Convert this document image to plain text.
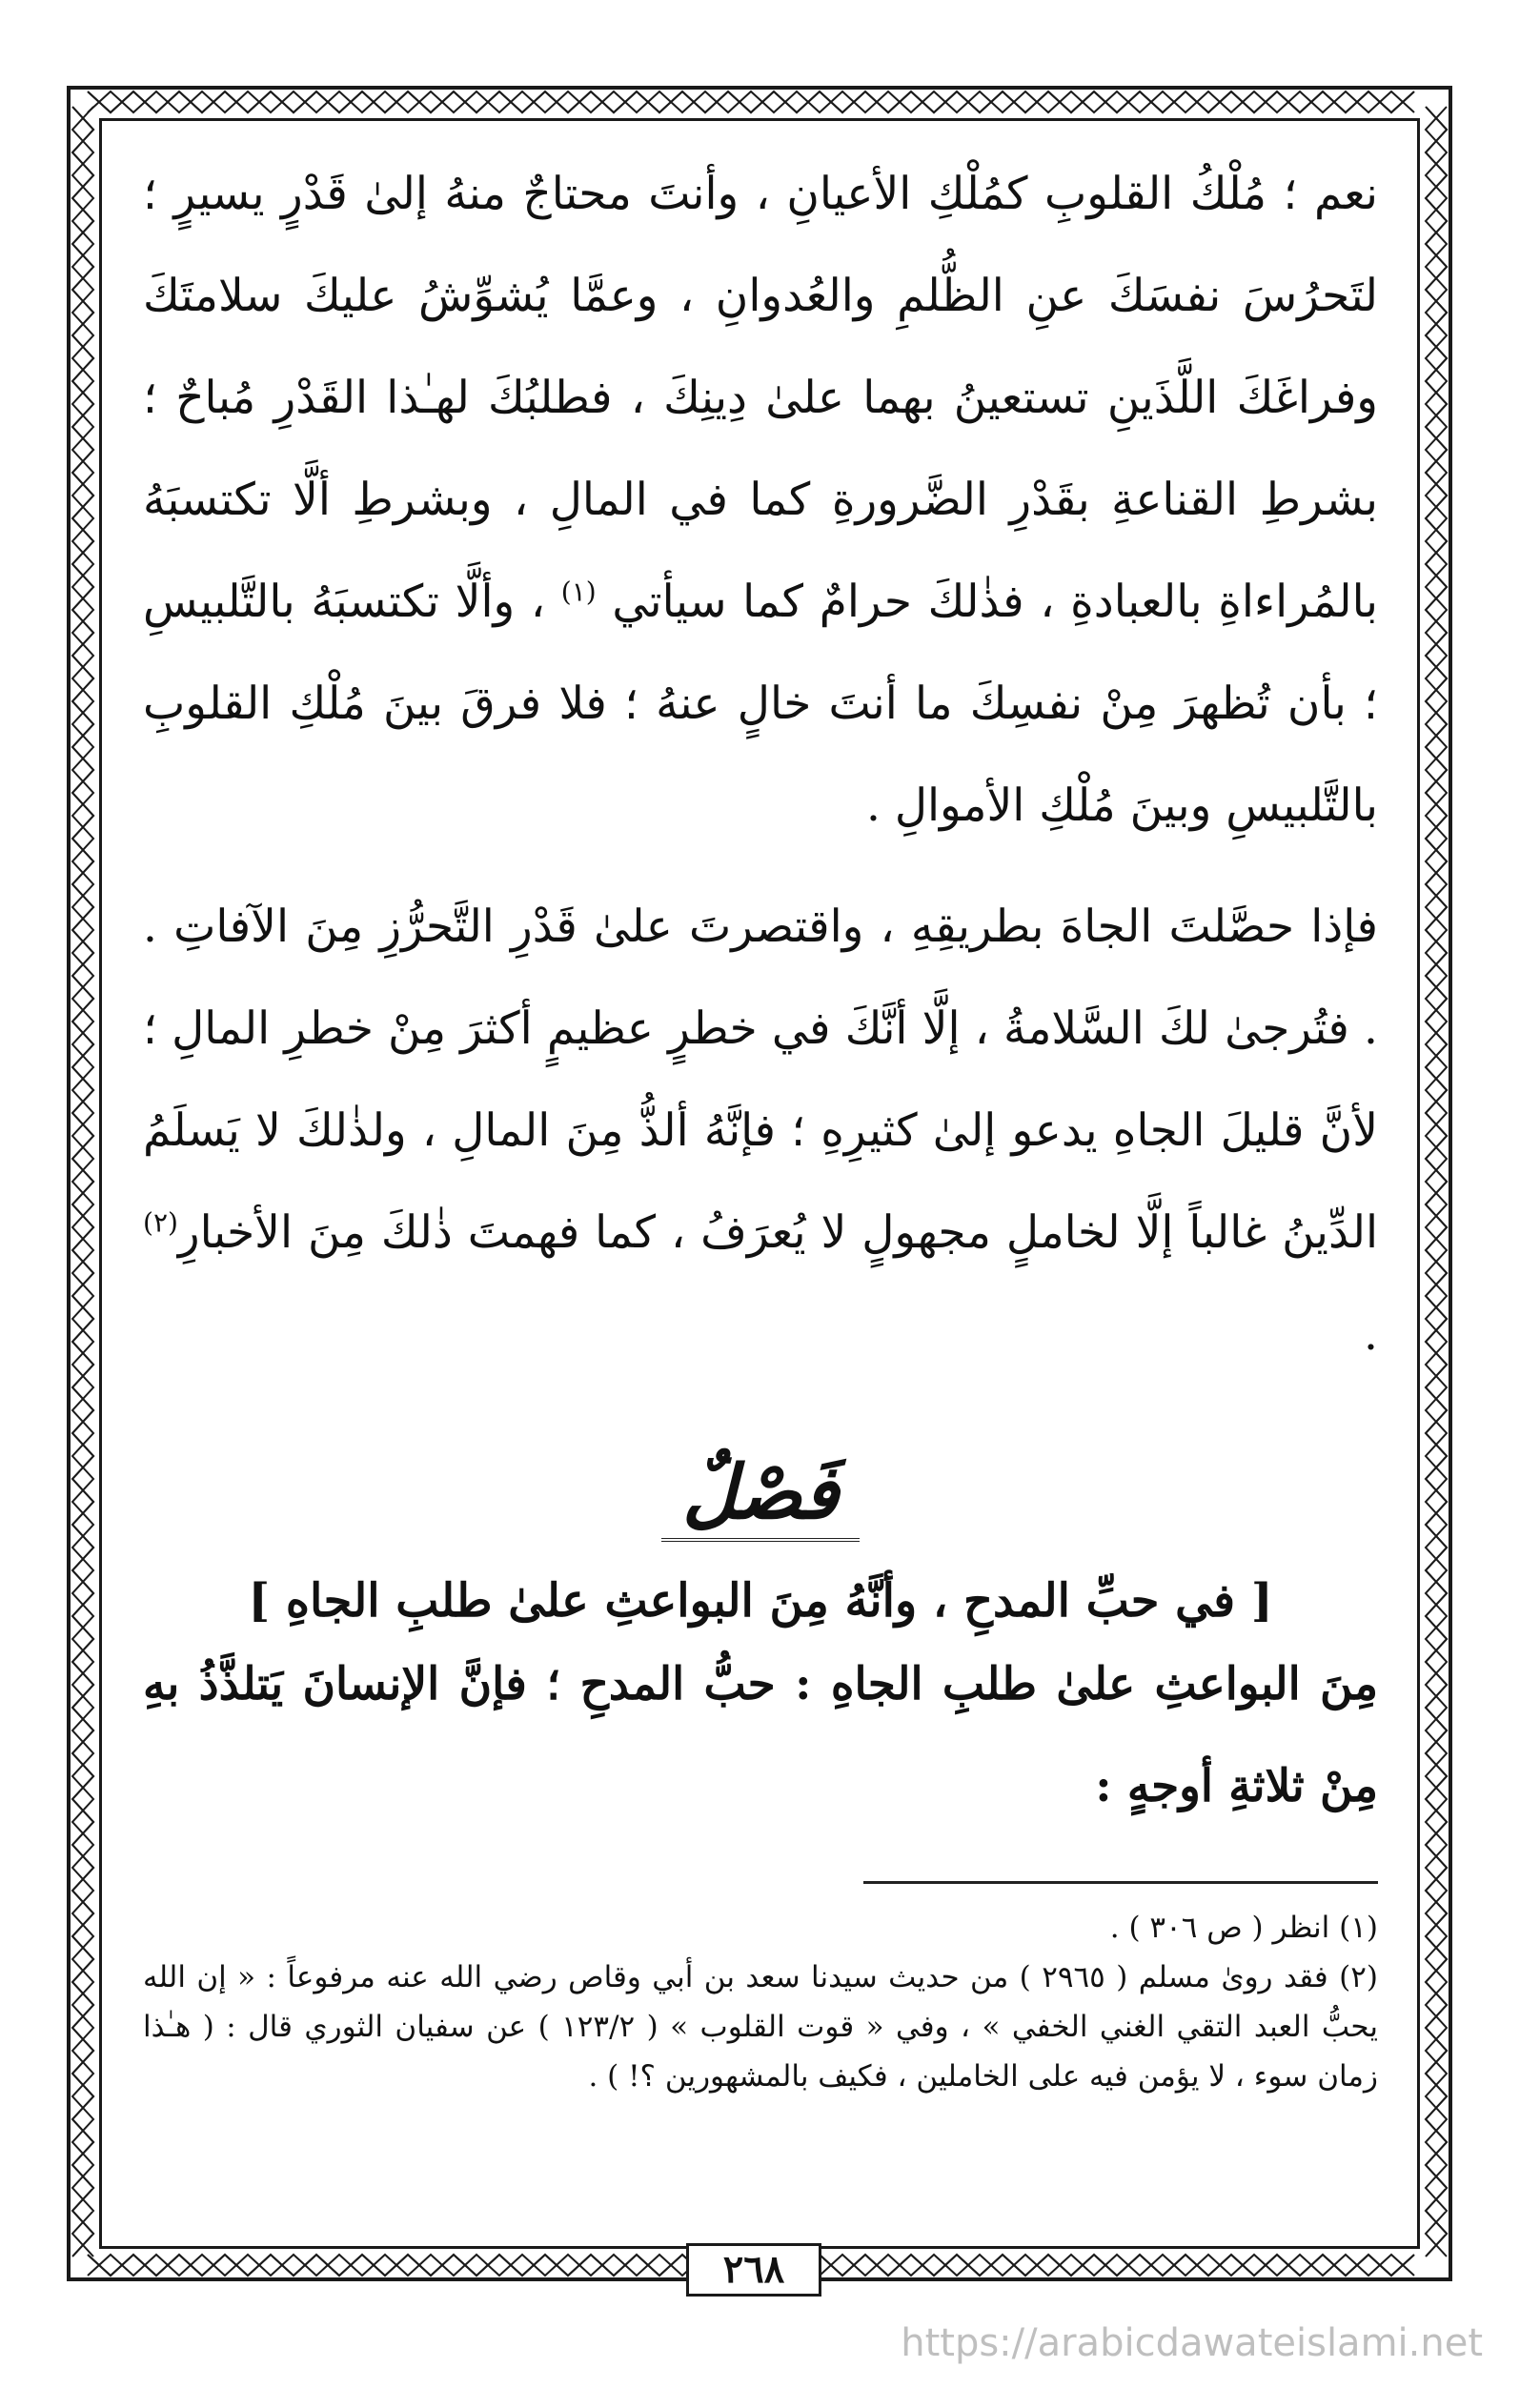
نعم ؛ مُلْكُ القلوبِ كمُلْكِ الأعيانِ ، وأنتَ محتاجٌ منهُ إلىٰ قَدْرٍ يسيرٍ ؛ لتَحرُسَ نفسَكَ عنِ الظُّلمِ والعُدوانِ ، وعمَّا يُشوِّشُ عليكَ سلامتَكَ وفراغَكَ اللَّذَينِ تستعينُ بهما علىٰ دِينِكَ ، فطلبُكَ لهـٰذا القَدْرِ مُباحٌ ؛ بشرطِ القناعةِ بقَدْرِ الضَّرورةِ كما في المالِ ، وبشرطِ ألَّا تكتسبَهُ بالمُراءاةِ بالعبادةِ ، فذٰلكَ حرامٌ كما سيأتي $^{(١)}$ ، وألَّا تكتسبَهُ بالتَّلبيسِ ؛ بأن تُظهرَ مِنْ نفسِكَ ما أنتَ خالٍ عنهُ ؛ فلا فرقَ بينَ مُلْكِ القلوبِ بالتَّلبيسِ وبينَ مُلْكِ الأموالِ .

فإذا حصَّلتَ الجاهَ بطريقِهِ ، واقتصرتَ علىٰ قَدْرِ التَّحرُّزِ مِنَ الآفاتِ . . فتُرجىٰ لكَ السَّلامةُ ، إلَّا أنَّكَ في خطرٍ عظيمٍ أكثرَ مِنْ خطرِ المالِ ؛ لأنَّ قليلَ الجاهِ يدعو إلىٰ كثيرِهِ ؛ فإنَّهُ ألذُّ مِنَ المالِ ، ولذٰلكَ لا يَسلَمُ الدِّينُ غالباً إلَّا لخاملٍ مجهولٍ لا يُعرَفُ ، كما فهمتَ ذٰلكَ مِنَ الأخبارِ$^{(٢)}$ .

فَصْلٌ
[ في حبِّ المدحِ ، وأنَّهُ مِنَ البواعثِ علىٰ طلبِ الجاهِ ]

مِنَ البواعثِ علىٰ طلبِ الجاهِ : حبُّ المدحِ ؛ فإنَّ الإنسانَ يَتلذَّذُ بهِ مِنْ ثلاثةِ أوجهٍ :

(١) انظر ( ص ٣٠٦ ) .

(٢) فقد روىٰ مسلم ( ٢٩٦٥ ) من حديث سيدنا سعد بن أبي وقاص رضي الله عنه مرفوعاً : « إن الله يحبُّ العبد التقي الغني الخفي » ، وفي « قوت القلوب » ( ١٢٣/٢ ) عن سفيان الثوري قال : ( هـٰذا زمان سوء ، لا يؤمن فيه على الخاملين ، فكيف بالمشهورين ؟! ) .

٢٦٨
https://arabicdawateislami.net
